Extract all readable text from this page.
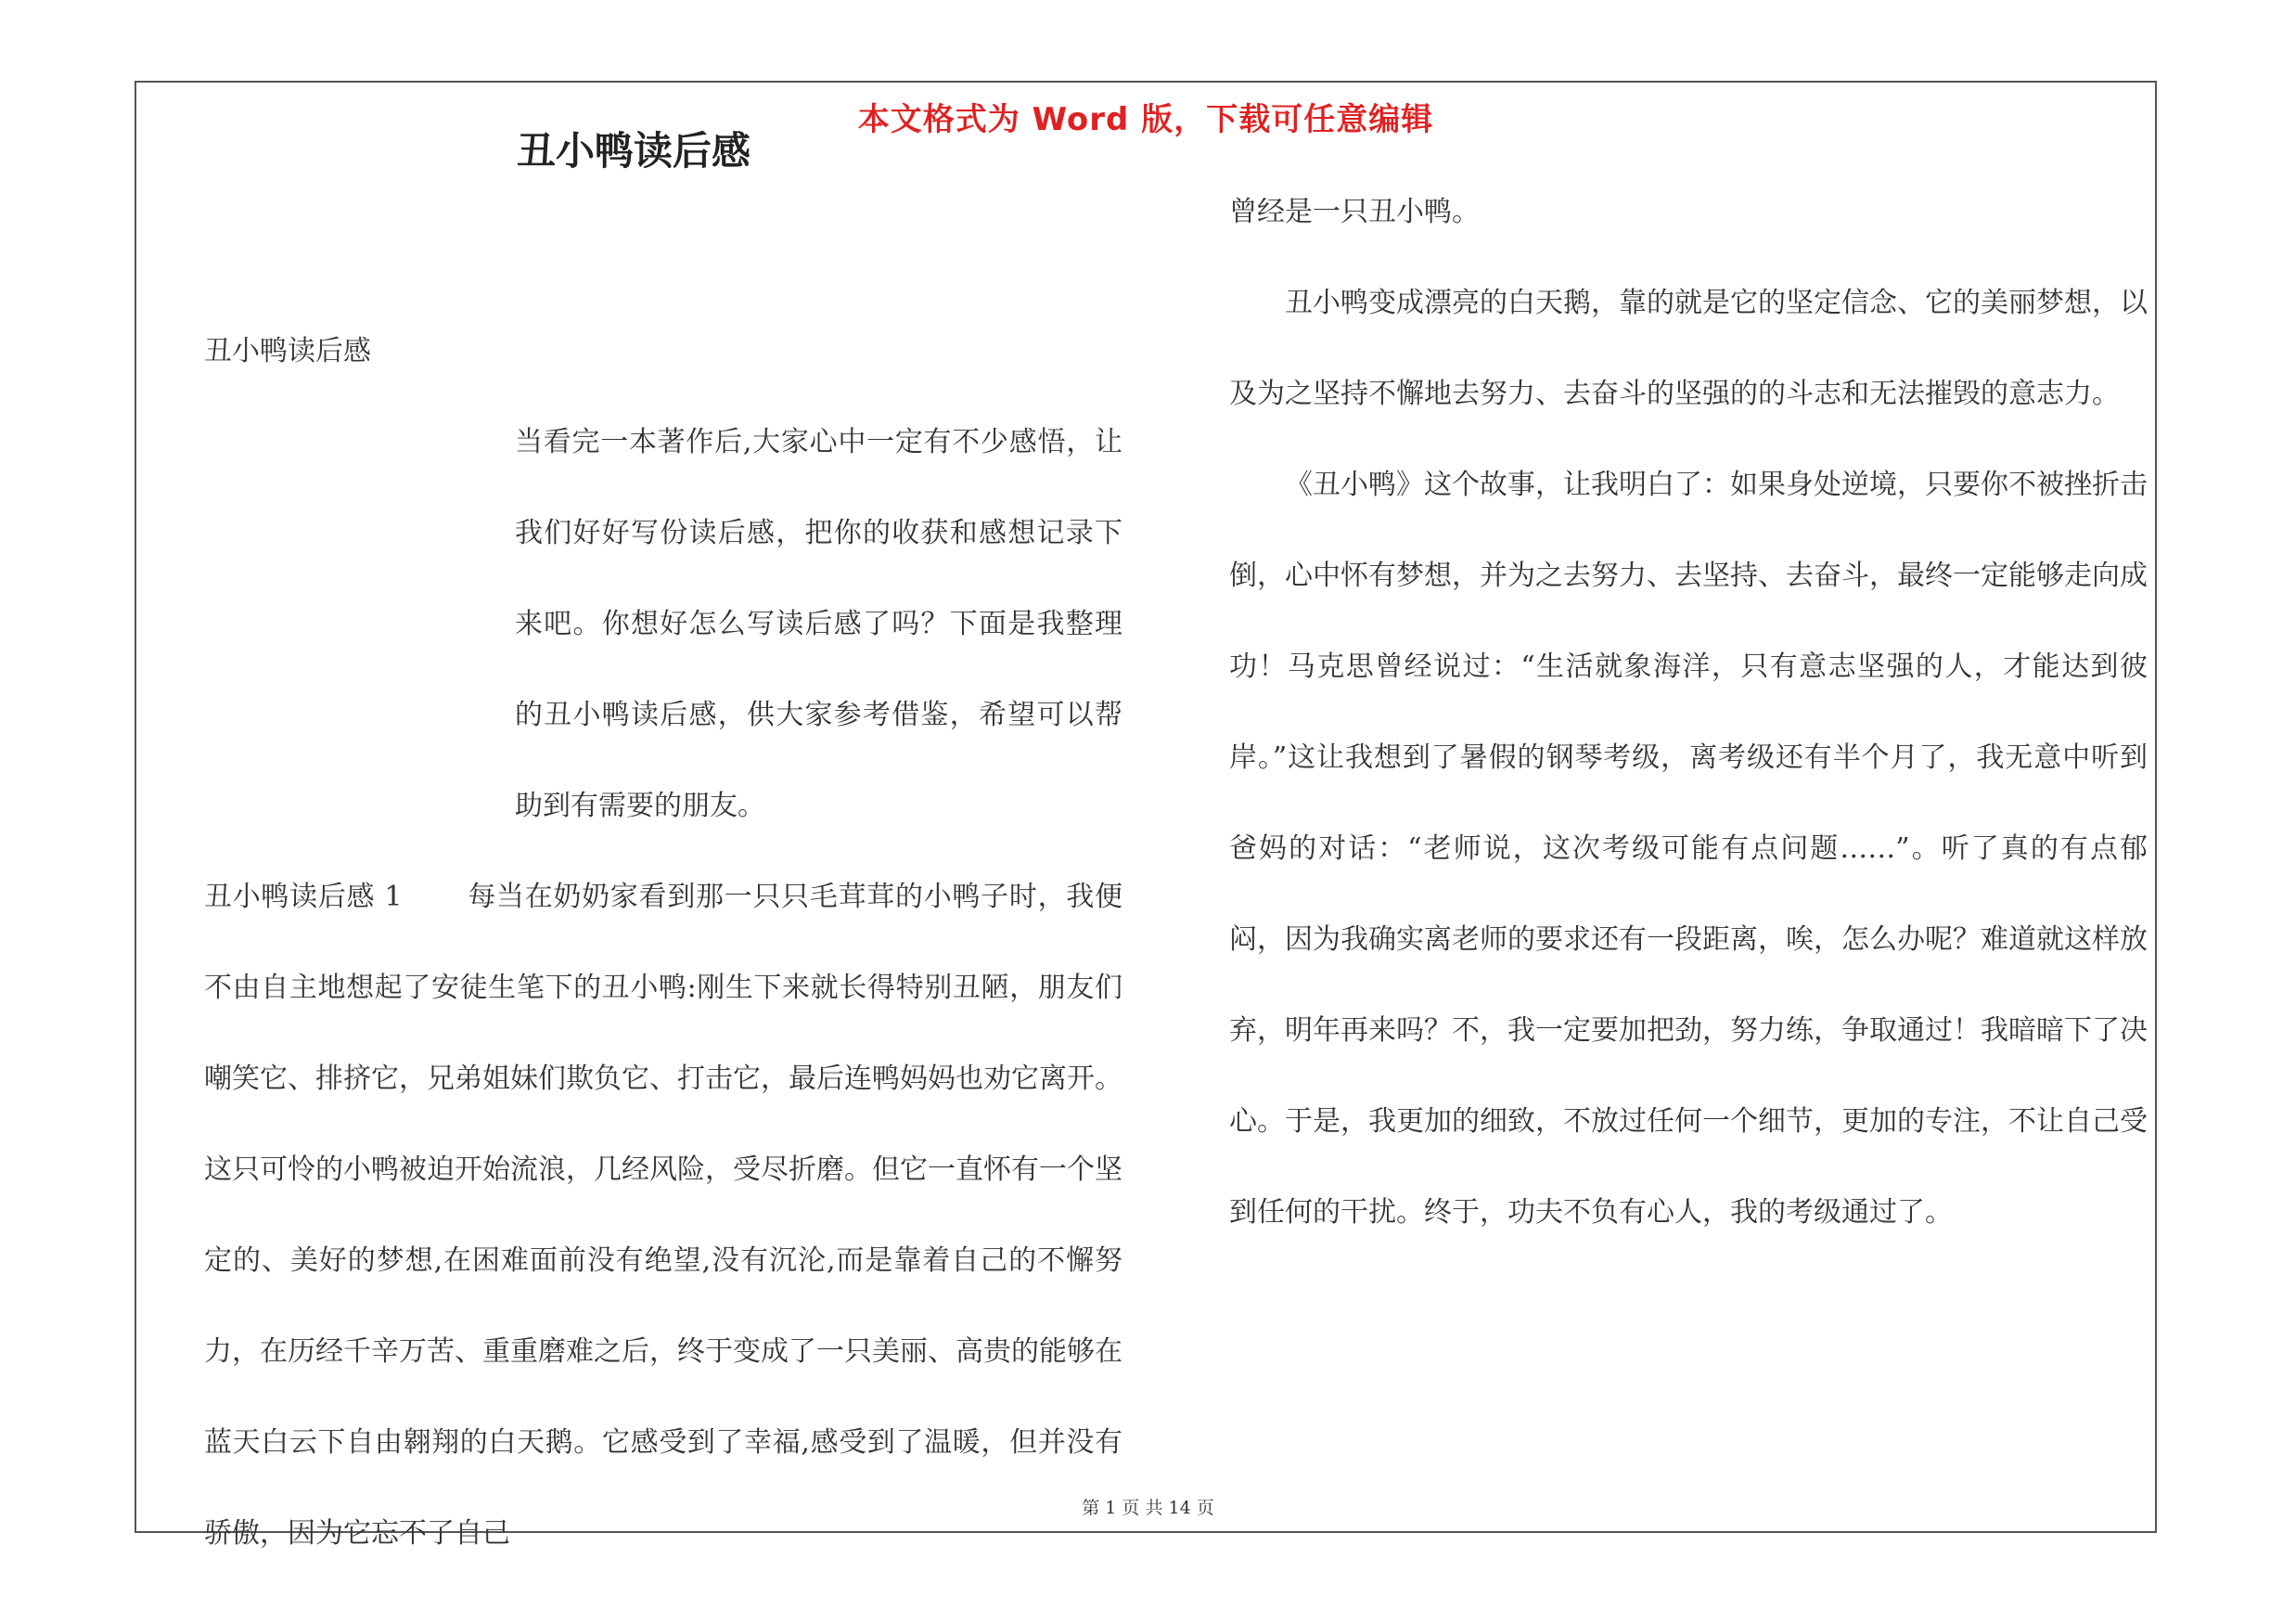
本文格式为 Word 版，下载可任意编辑
丑小鸭读后感

丑小鸭读后感

当看完一本著作后,大家心中一定有不少感悟，让我们好好写份读后感，把你的收获和感想记录下来吧。你想好怎么写读后感了吗？下面是我整理的丑小鸭读后感，供大家参考借鉴，希望可以帮助到有需要的朋友。

丑小鸭读后感 1 每当在奶奶家看到那一只只毛茸茸的小鸭子时，我便不由自主地想起了安徒生笔下的丑小鸭:刚生下来就长得特别丑陋，朋友们嘲笑它、排挤它，兄弟姐妹们欺负它、打击它，最后连鸭妈妈也劝它离开。这只可怜的小鸭被迫开始流浪，几经风险，受尽折磨。但它一直怀有一个坚定的、美好的梦想,在困难面前没有绝望,没有沉沦,而是靠着自己的不懈努力，在历经千辛万苦、重重磨难之后，终于变成了一只美丽、高贵的能够在蓝天白云下自由翱翔的白天鹅。它感受到了幸福,感受到了温暖，但并没有骄傲，因为它忘不了自己

曾经是一只丑小鸭。

丑小鸭变成漂亮的白天鹅，靠的就是它的坚定信念、它的美丽梦想，以及为之坚持不懈地去努力、去奋斗的坚强的的斗志和无法摧毁的意志力。

《丑小鸭》这个故事，让我明白了：如果身处逆境，只要你不被挫折击倒，心中怀有梦想，并为之去努力、去坚持、去奋斗，最终一定能够走向成功！马克思曾经说过：“生活就象海洋，只有意志坚强的人，才能达到彼岸。”这让我想到了暑假的钢琴考级，离考级还有半个月了，我无意中听到爸妈的对话：“老师说，这次考级可能有点问题……”。听了真的有点郁闷，因为我确实离老师的要求还有一段距离，唉，怎么办呢？难道就这样放弃，明年再来吗？不，我一定要加把劲，努力练，争取通过！我暗暗下了决心。于是，我更加的细致，不放过任何一个细节，更加的专注，不让自己受到任何的干扰。终于，功夫不负有心人，我的考级通过了。

第 1 页 共 14 页
